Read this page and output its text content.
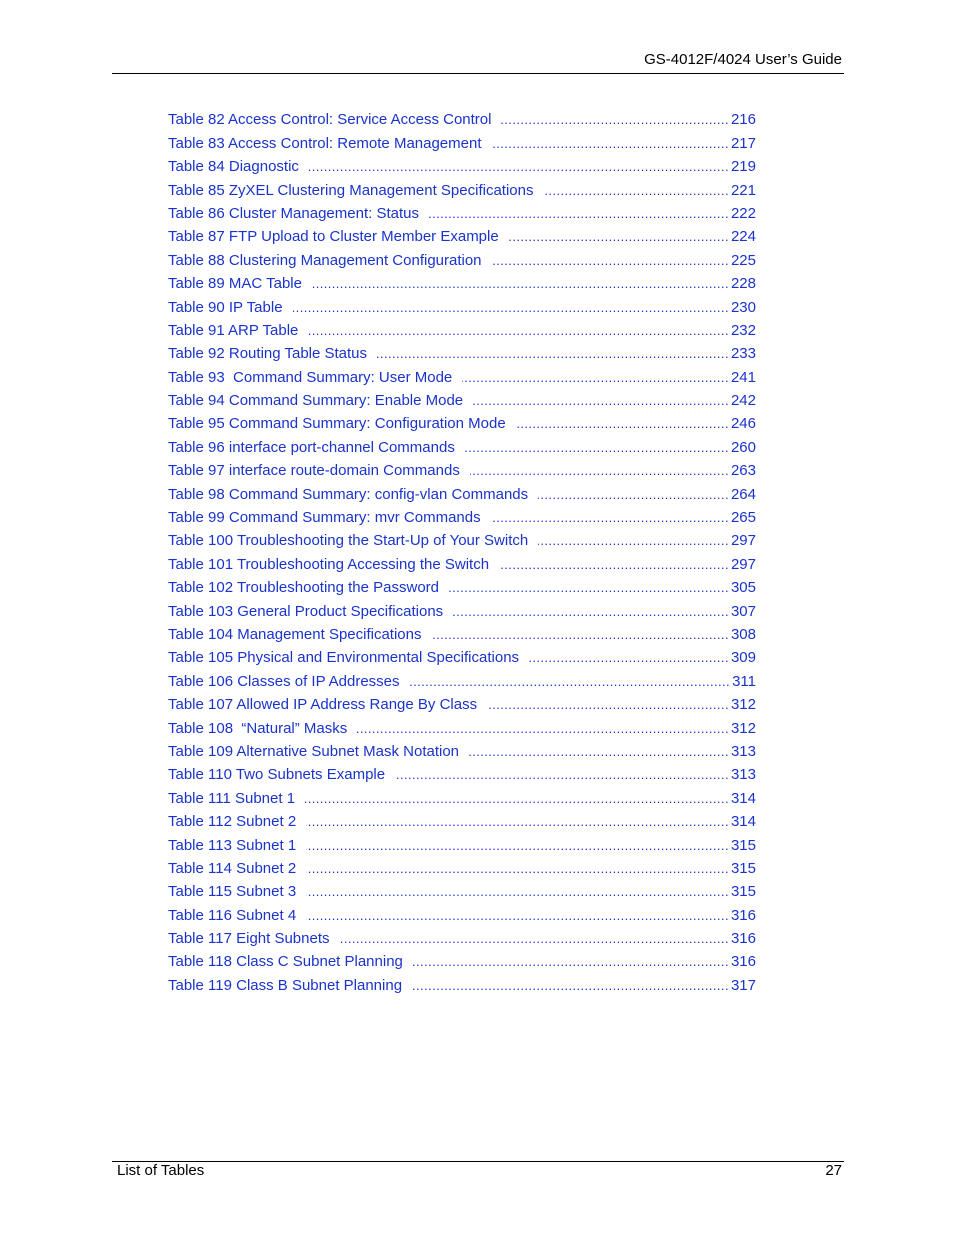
GS-4012F/4024 User’s Guide
Table 82 Access Control: Service Access Control .....	216
Table 83 Access Control: Remote Management .....	217
Table 84 Diagnostic .....	219
Table 85 ZyXEL Clustering Management Specifications .....	221
Table 86 Cluster Management: Status .....	222
Table 87 FTP Upload to Cluster Member Example .....	224
Table 88 Clustering Management Configuration .....	225
Table 89 MAC Table .....	228
Table 90 IP Table .....	230
Table 91 ARP Table .....	232
Table 92 Routing Table Status .....	233
Table 93  Command Summary: User Mode .....	241
Table 94 Command Summary: Enable Mode .....	242
Table 95 Command Summary: Configuration Mode .....	246
Table 96 interface port-channel Commands .....	260
Table 97 interface route-domain Commands .....	263
Table 98 Command Summary: config-vlan Commands .....	264
Table 99 Command Summary: mvr Commands .....	265
Table 100 Troubleshooting the Start-Up of Your Switch .....	297
Table 101 Troubleshooting Accessing the Switch .....	297
Table 102 Troubleshooting the Password .....	305
Table 103 General Product Specifications .....	307
Table 104 Management Specifications .....	308
Table 105 Physical and Environmental Specifications .....	309
Table 106 Classes of IP Addresses .....	311
Table 107 Allowed IP Address Range By Class .....	312
Table 108  “Natural” Masks .....	312
Table 109 Alternative Subnet Mask Notation .....	313
Table 110 Two Subnets Example .....	313
Table 111 Subnet 1 .....	314
Table 112 Subnet 2 .....	314
Table 113 Subnet 1 .....	315
Table 114 Subnet 2 .....	315
Table 115 Subnet 3 .....	315
Table 116 Subnet 4 .....	316
Table 117 Eight Subnets .....	316
Table 118 Class C Subnet Planning .....	316
Table 119 Class B Subnet Planning .....	317
List of Tables	27
